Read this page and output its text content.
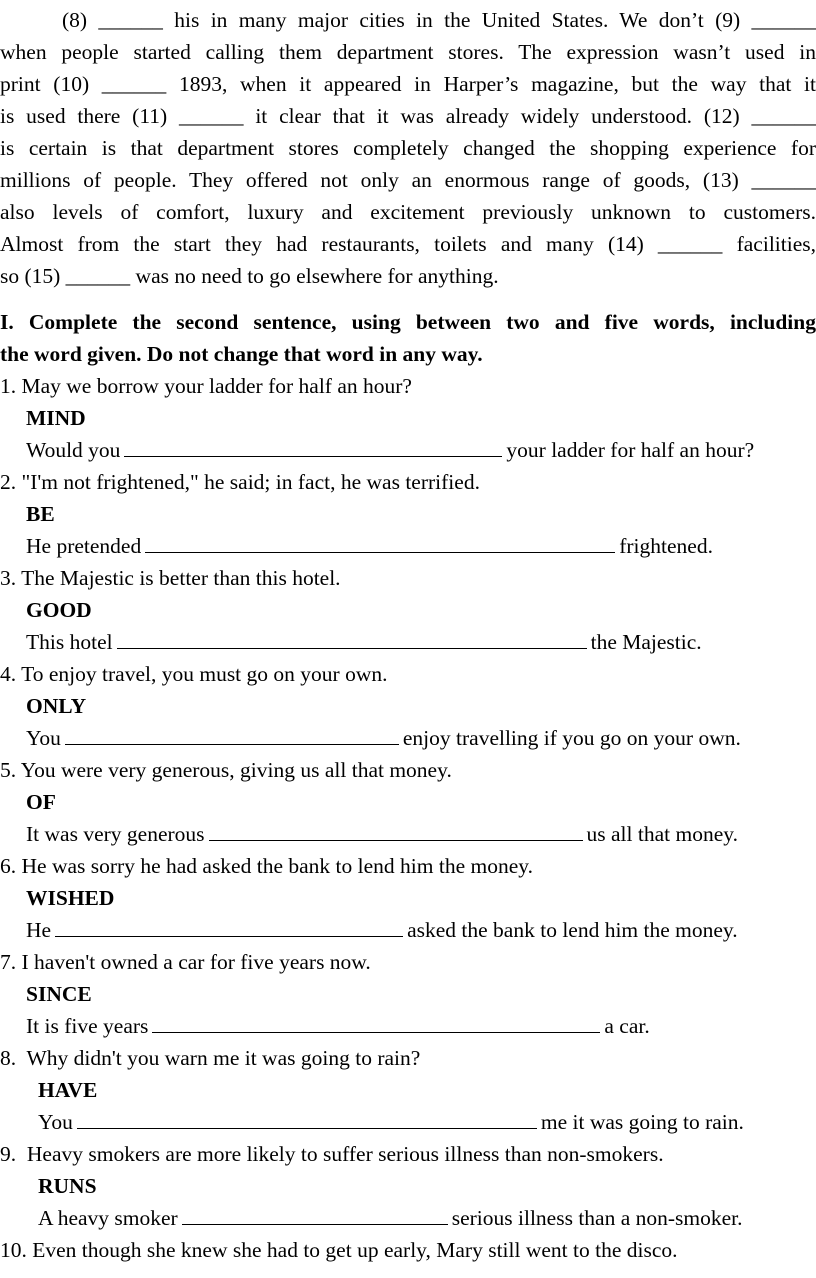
(8) ______ his in many major cities in the United States. We don’t (9) ______
when people started calling them department stores. The expression wasn’t used in
print (10) ______ 1893, when it appeared in Harper’s magazine, but the way that it
is used there (11) ______ it clear that it was already widely understood. (12) ______
is certain is that department stores completely changed the shopping experience for
millions of people. They offered not only an enormous range of goods, (13) ______
also levels of comfort, luxury and excitement previously unknown to customers.
Almost from the start they had restaurants, toilets and many (14) ______ facilities,
so (15) ______ was no need to go elsewhere for anything.
I. Complete the second sentence, using between two and five words, including
the word given. Do not change that word in any way.
1. May we borrow your ladder for half an hour?
MIND
Would you	your ladder for half an hour?
2. "I'm not frightened," he said; in fact, he was terrified.
BE
He pretended	frightened.
3. The Majestic is better than this hotel.
GOOD
This hotel	the Majestic.
4. To enjoy travel, you must go on your own.
ONLY
You	enjoy travelling if you go on your own.
5. You were very generous, giving us all that money.
OF
It was very generous	us all that money.
6. He was sorry he had asked the bank to lend him the money.
WISHED
He	asked the bank to lend him the money.
7. I haven't owned a car for five years now.
SINCE
It is five years	a car.
8. Why didn't you warn me it was going to rain?
HAVE
You	me it was going to rain.
9. Heavy smokers are more likely to suffer serious illness than non-smokers.
RUNS
A heavy smoker	serious illness than a non-smoker.
10. Even though she knew she had to get up early, Mary still went to the disco.
